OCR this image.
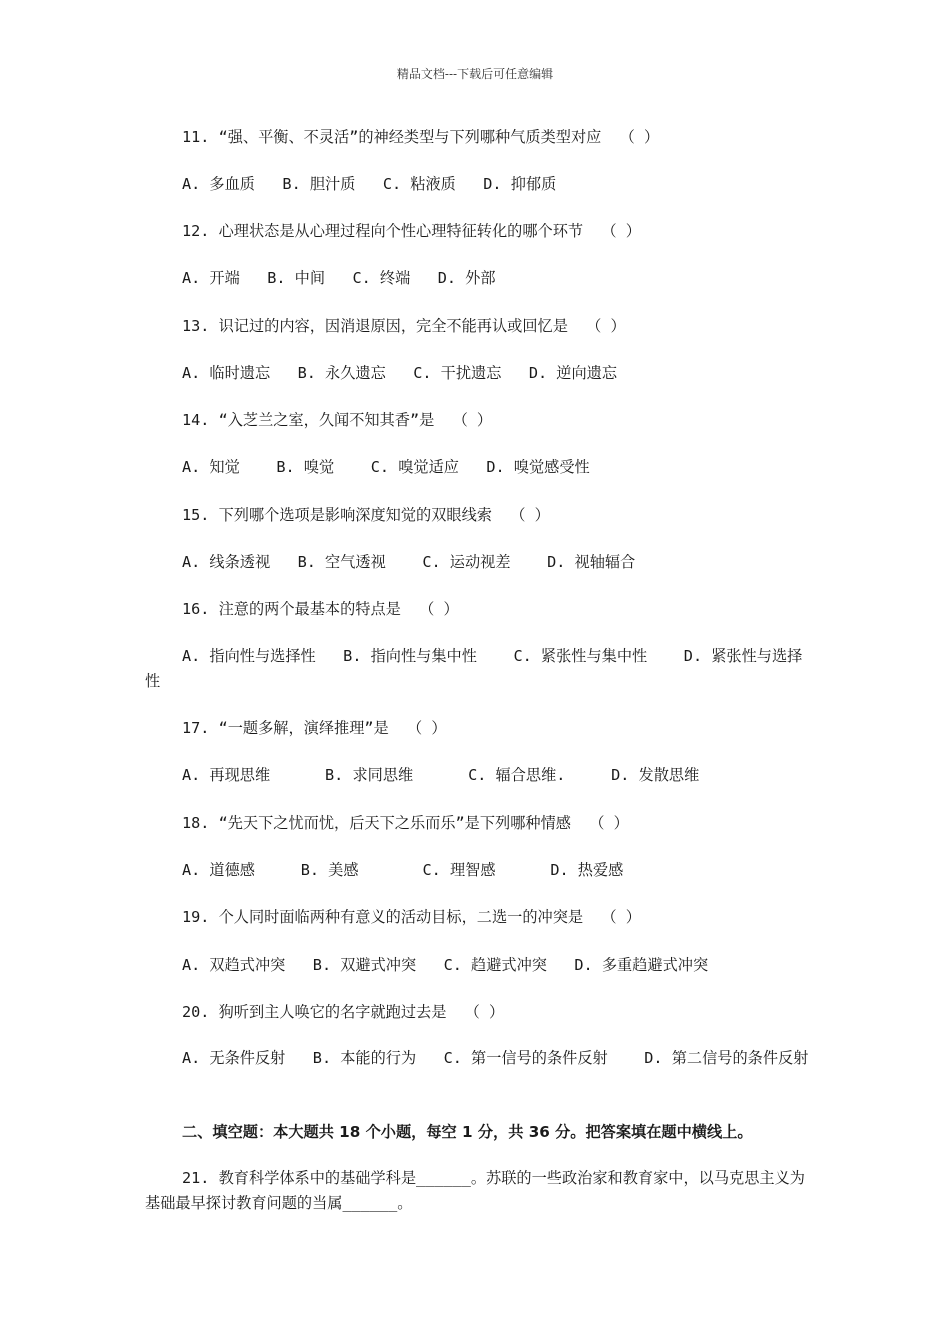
精品文档---下载后可任意编辑
11. “强、平衡、不灵活”的神经类型与下列哪种气质类型对应  （ ）
A. 多血质   B. 胆汁质   C. 粘液质   D. 抑郁质
12. 心理状态是从心理过程向个性心理特征转化的哪个环节  （ ）
A. 开端   B. 中间   C. 终端   D. 外部
13. 识记过的内容，因消退原因，完全不能再认或回忆是  （ ）
A. 临时遗忘   B. 永久遗忘   C. 干扰遗忘   D. 逆向遗忘
14. “入芝兰之室，久闻不知其香”是  （ ）
A. 知觉    B. 嗅觉    C. 嗅觉适应   D. 嗅觉感受性
15. 下列哪个选项是影响深度知觉的双眼线索  （ ）
A. 线条透视   B. 空气透视    C. 运动视差    D. 视轴辐合
16. 注意的两个最基本的特点是  （ ）
A. 指向性与选择性   B. 指向性与集中性    C. 紧张性与集中性    D. 紧张性与选择性
17. “一题多解，演绎推理”是  （ ）
A. 再现思维      B. 求同思维      C. 辐合思维.     D. 发散思维
18. “先天下之忧而忧，后天下之乐而乐”是下列哪种情感  （ ）
A. 道德感     B. 美感       C. 理智感      D. 热爱感
19. 个人同时面临两种有意义的活动目标，二选一的冲突是  （ ）
A. 双趋式冲突   B. 双避式冲突   C. 趋避式冲突   D. 多重趋避式冲突
20. 狗听到主人唤它的名字就跑过去是  （ ）
A. 无条件反射   B. 本能的行为   C. 第一信号的条件反射    D. 第二信号的条件反射
二、填空题：本大题共 18 个小题，每空 1 分，共 36 分。把答案填在题中横线上。
21. 教育科学体系中的基础学科是______。苏联的一些政治家和教育家中，以马克思主义为基础最早探讨教育问题的当属______。
